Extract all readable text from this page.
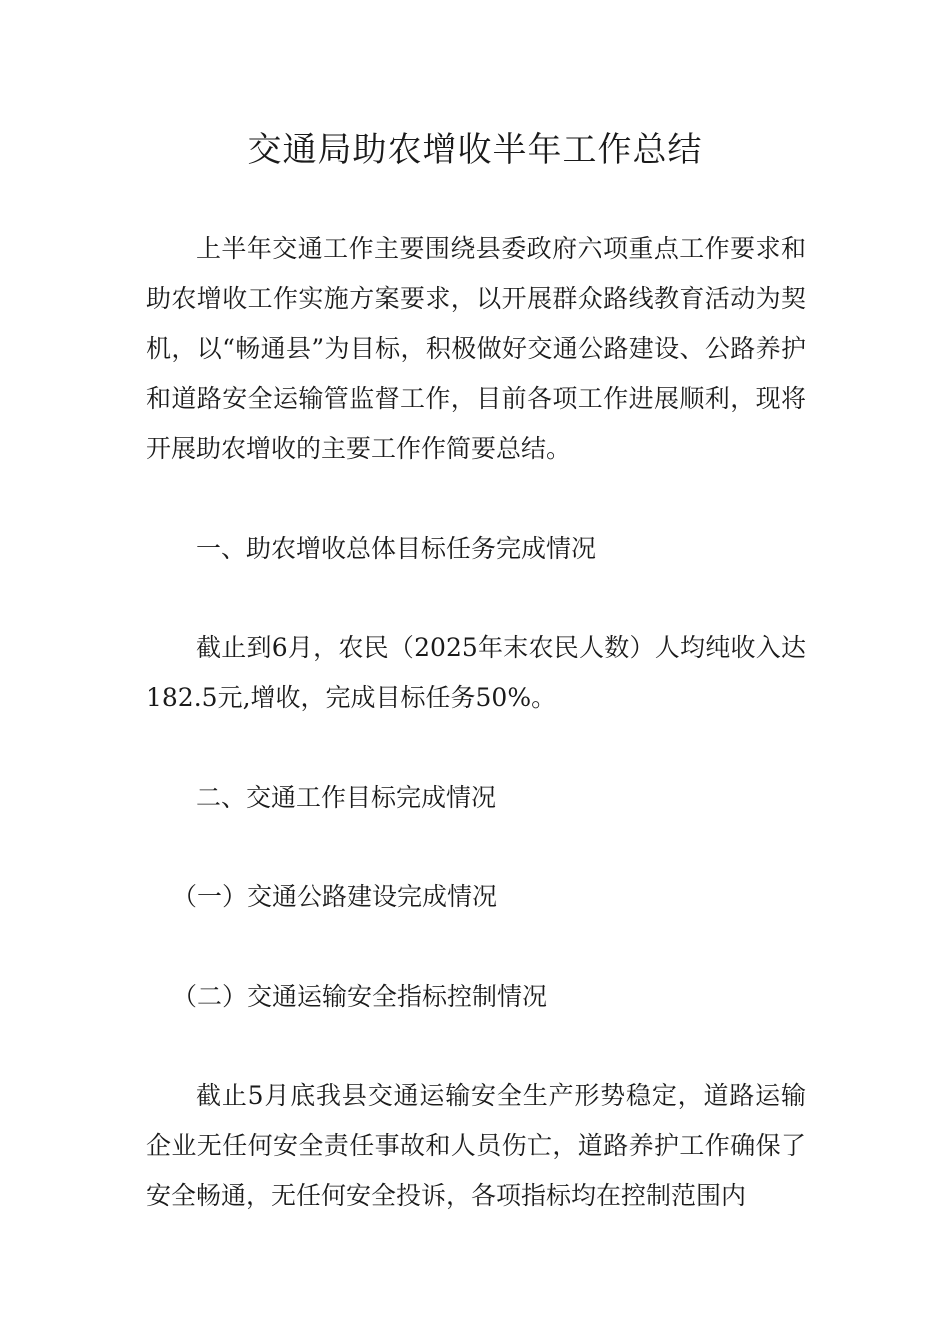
交通局助农增收半年工作总结

上半年交通工作主要围绕县委政府六项重点工作要求和助农增收工作实施方案要求，以开展群众路线教育活动为契机，以“畅通县”为目标，积极做好交通公路建设、公路养护和道路安全运输管监督工作，目前各项工作进展顺利，现将开展助农增收的主要工作作简要总结。

一、助农增收总体目标任务完成情况

截止到6月，农民（2025年末农民人数）人均纯收入达182.5元,增收，完成目标任务50%。

二、交通工作目标完成情况

（一）交通公路建设完成情况

（二）交通运输安全指标控制情况

截止5月底我县交通运输安全生产形势稳定，道路运输企业无任何安全责任事故和人员伤亡，道路养护工作确保了安全畅通，无任何安全投诉，各项指标均在控制范围内
